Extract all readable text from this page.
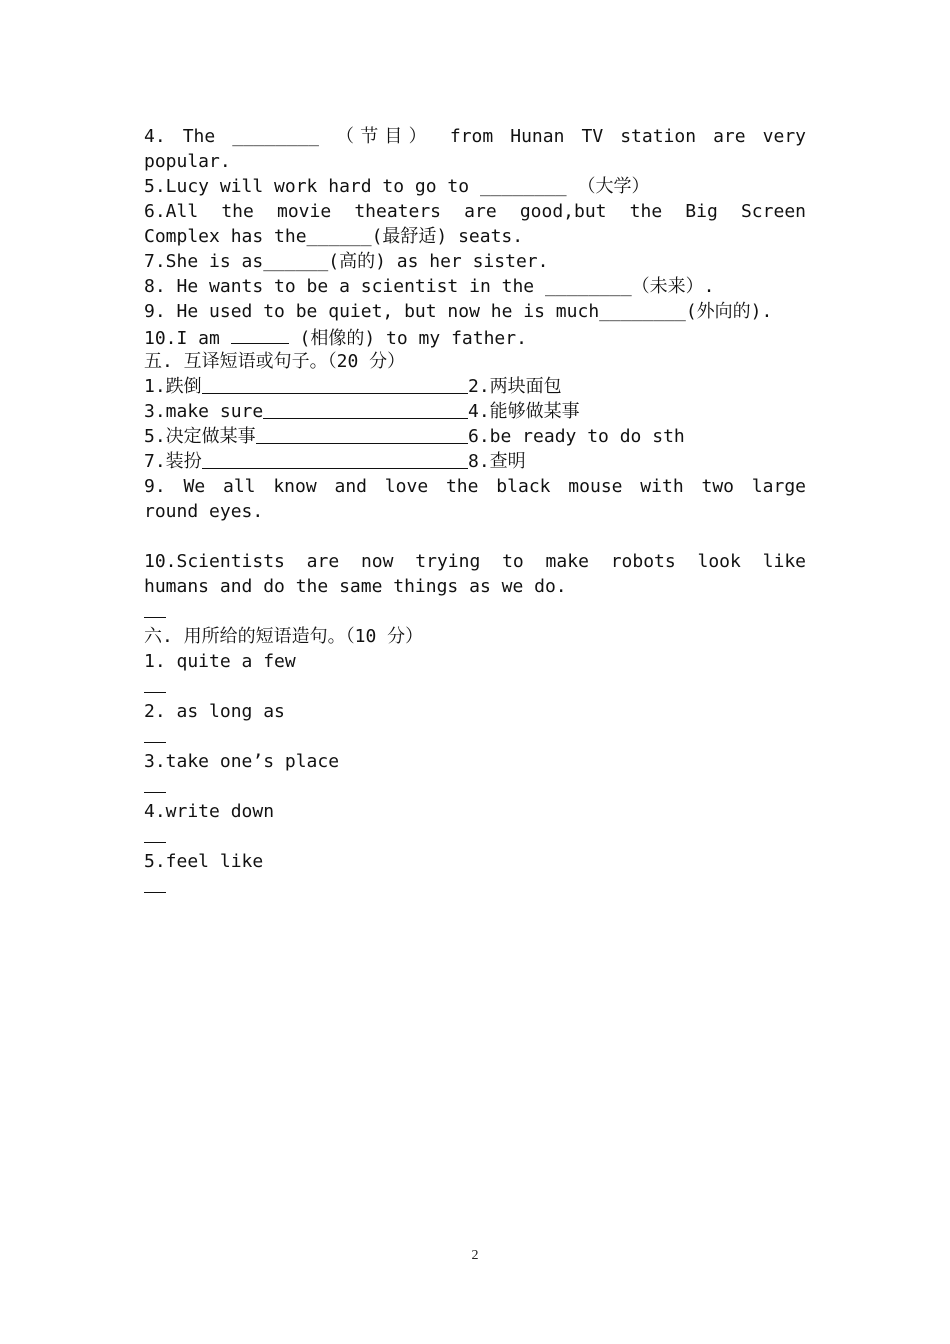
4. The ________ （节目） from Hunan TV station are very
popular.
5.Lucy will work hard to go to ________ （大学）
6.All the movie theaters are good,but the Big Screen
Complex has the______(最舒适) seats.
7.She is as______(高的) as her sister.
8. He wants to be a scientist in the ________（未来）.
9. He used to be quiet, but now he is much________(外向的).
10.I am	(相像的) to my father.
五. 互译短语或句子。（20 分）
1.跌倒	2.两块面包
3.make sure	4.能够做某事
5.决定做某事	6.be ready to do sth
7.装扮	8.查明
9. We all know and love the black mouse with two large
round eyes.
10.Scientists are now trying to make robots look like
humans and do the same things as we do.
六. 用所给的短语造句。（10 分）
1. quite a few
2. as long as
3.take one’s place
4.write down
5.feel like
2
